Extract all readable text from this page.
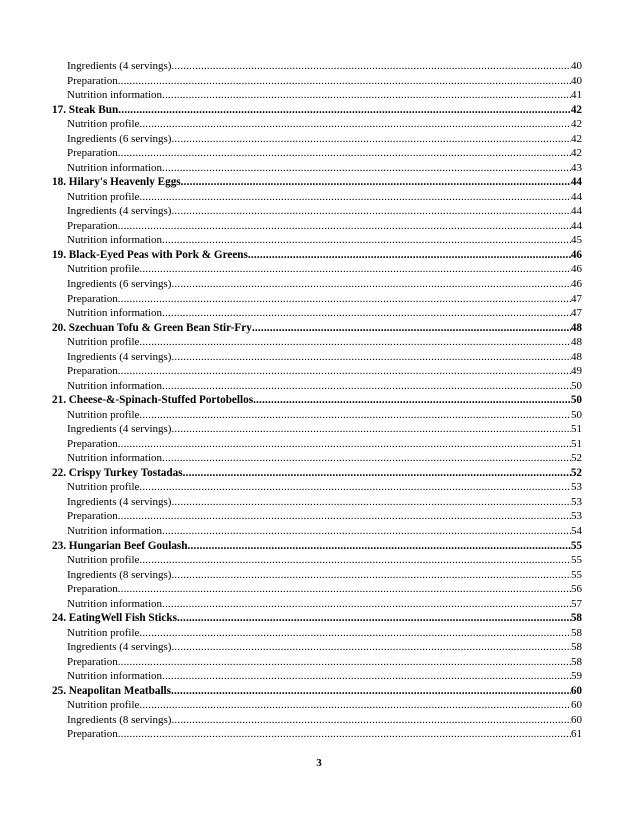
Ingredients (4 servings) .....	40
Preparation .....	40
Nutrition information .....	41
17. Steak Bun .....	42
Nutrition profile .....	42
Ingredients (6 servings) .....	42
Preparation .....	42
Nutrition information .....	43
18. Hilary's Heavenly Eggs .....	44
Nutrition profile .....	44
Ingredients (4 servings) .....	44
Preparation .....	44
Nutrition information .....	45
19. Black-Eyed Peas with Pork & Greens .....	46
Nutrition profile .....	46
Ingredients (6 servings) .....	46
Preparation .....	47
Nutrition information .....	47
20. Szechuan Tofu & Green Bean Stir-Fry .....	48
Nutrition profile .....	48
Ingredients (4 servings) .....	48
Preparation .....	49
Nutrition information .....	50
21. Cheese-&-Spinach-Stuffed Portobellos .....	50
Nutrition profile .....	50
Ingredients (4 servings) .....	51
Preparation .....	51
Nutrition information .....	52
22. Crispy Turkey Tostadas .....	52
Nutrition profile .....	53
Ingredients (4 servings) .....	53
Preparation .....	53
Nutrition information .....	54
23. Hungarian Beef Goulash .....	55
Nutrition profile .....	55
Ingredients (8 servings) .....	55
Preparation .....	56
Nutrition information .....	57
24. EatingWell Fish Sticks .....	58
Nutrition profile .....	58
Ingredients (4 servings) .....	58
Preparation .....	58
Nutrition information .....	59
25. Neapolitan Meatballs .....	60
Nutrition profile .....	60
Ingredients (8 servings) .....	60
Preparation .....	61
3
